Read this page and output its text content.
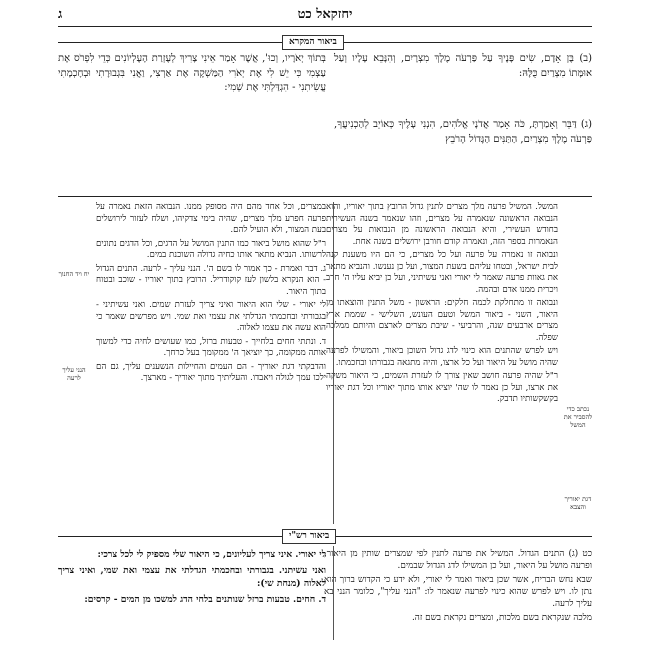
ג	יחזקאל כט
ביאור המקרא

(ב) בֶּן אָדָם, שִׂים פָּנֶיךָ עַל פַּרְעֹה מֶלֶךְ מִצְרָיִם, וְהִנָּבֵא עָלָיו וְעַל אוּמָּתוֹ מִצְרַיִם כֻּלָּהּ:

בְּתוֹךְ יְאֹרָיו, וְכוּ', אֲשֶׁר אָמַר אֵינִי צָרִיךְ לְעֶזְרַת הָעֶלְיוֹנִים כְּדֵי לִפְרֹס אֶת עַצְמִי כִּי יֵשׁ לִי אֶת יְאֹרִי הַמַּשְׁקֶה אֶת אַרְצִי, וַאֲנִי בִּגְבוּרָתִי וּבְחָכְמָתִי עֲשִׂיתִנִי - הִגְדַּלְתִּי אֶת שְׁמִי:

(ג) דַּבֵּר וְאָמַרְתָּ, כֹּה אָמַר אֲדֹנָי אֱלֹהִים, הִנְנִי עָלֶיךָ כְּאוֹיֵב לְהַכְנִיעֲךָ, פַּרְעֹה מֶלֶךְ מִצְרַיִם, הַתַּנִּים הַגָּדוֹל הָרֹבֵץ

המשל. המשיל פרעה מלך מצרים לתנין גדול הרובץ בתוך יאוריו, והוא הנבואה הראשונה שנאמרה על מצרים, וזהו שנאמר בשנה העשירית בחודש העשירי, והיא הנבואה הראשונה מן הנבואות על מצרים הנאמרות בספר הזה, ונאמרה קודם חורבן ירושלים בשנה אחת.

ונבואה זו נאמרה על פרעה ועל כל מצרים, כי הם היו משענת קנה לבית ישראל, ובטחו עליהם בשעת המצור, ועל כן נענשו. והנביא מתאר את גאוות פרעה שאמר לי יאורי ואני עשיתיני, ועל כן יביא עליו ה' חרב ויכרית ממנו אדם ובהמה.

ונבואה זו מתחלקת לכמה חלקים: הראשון - משל התנין והוצאתו מן היאור, השני - ביאור המשל וטעם העונש, השלישי - שממת ארץ מצרים ארבעים שנה, והרביעי - שיבת מצרים לארצם והיותם ממלכה שפלה.

ויש לפרש שהתנים הוא כינוי לדג גדול השוכן ביאור, והמשילו לפרעה שהיה מושל על היאור ועל כל ארצו, והיה מתגאה בגבורתו ובחכמתו.

ר"ל שהיה פרעה חושב שאין צורך לו לעזרת השמים, כי היאור משקה את ארצו, ועל כן נאמר לו שה' יוציא אותו מתוך יאוריו וכל דגת יאוריו בקשקשותיו תדבק.

במצרים, וכל אחד מהם היה מסופק ממנו. הנבואה הזאת נאמרה על פרעה חפרע מלך מצרים, שהיה בימי צדקיהו, ושלח לעזור לירושלים בעת המצור, ולא הועיל להם.

ר"ל שהוא מושל ביאור כמו התנין המושל על הדגים, וכל הדגים נתונים לרשותו. הנביא מתאר אותו כחיה גדולה השוכנת במים.

ג. דבר ואמרת - כך אמור לו בשם ה'. הנני עליך - לרעה. התנים הגדול - הוא הנקרא בלשון לעז קוקודריל. הרובץ בתוך יאוריו - שוכב ובטוח בתוך היאור.

לי יאורי - שלי הוא היאור ואיני צריך לעזרת שמים. ואני עשיתיני - בגבורתי ובחכמתי הגדלתי את עצמי ואת שמי. ויש מפרשים שאמר כי הוא עשה את עצמו לאלוה.

ד. ונתתי חחים בלחייך - טבעות ברזל, כמו שעושים לחיה כדי למשוך אותה ממקומה, כך יוציאך ה' ממקומך בעל כרחך.

והדבקתי דגת יאוריך - הם העמים והחיילות הנשענים עליך, גם הם ילכו עמך לגולה ויאבדו. והעליתיך מתוך יאוריך - מארצך.

יח ויד החנוך
הנני עליך לרעה
נכתב כדי להסביר את המשל
דגת יאוריך והצבא
ביאור רש"י

כט (ג) התנים הגדול. המשיל את פרעה לתנין לפי שמצרים שותין מן היאור, ופרעה מושל על היאור, ועל כן המשילו לדג הגדול שבמים.

שבא נחש הבריח, אשר שכן ביאור ואמר לי יאורי, ולא ידע כי הקדוש ברוך הוא נתן לו. ויש לפרש שהוא כינוי לפרעה שנאמר לו: "הנני עליך", כלומר הנני בא עליך לרעה.

מלכה שנקראת בשם מלכות, ומצרים נקראת בשם זה.

לי יאורי. איני צריך לעליונים, כי היאור שלי מספיק לי לכל צרכי:

ואני עשיתני. בגבורתי ובחכמתי הגדלתי את עצמי ואת שמי, ואיני צריך לאלוה (מנחת שי):

ד. חחים. טבעות ברזל שנותנים בלחי הדג למשכו מן המים - קרסים:
